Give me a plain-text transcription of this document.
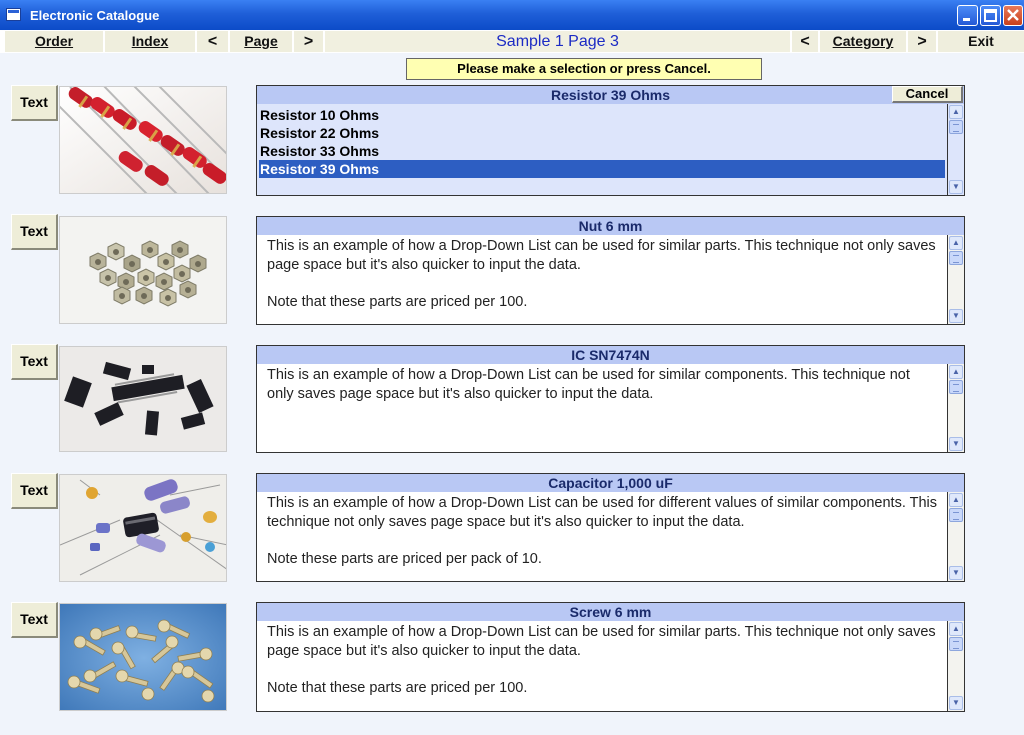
Electronic Catalogue
Order	Index	<	Page	>	Sample 1 Page 3	<	Category	>	Exit
Please make a selection or press Cancel.
Text	Resistor 39 Ohms	Cancel
Resistor 10 Ohms
Resistor 22 Ohms
Resistor 33 Ohms
Resistor 39 Ohms
▲
▼
Text	Nut 6 mm

This is an example of how a Drop-Down List can be used for similar parts. This technique not only saves page space but it's also quicker to input the data.

Note that these parts are priced per 100.

▲
▼
Text	IC SN7474N

This is an example of how a Drop-Down List can be used for similar components. This technique not only saves page space but it's also quicker to input the data.

▲
▼
Text	Capacitor 1,000 uF

This is an example of how a Drop-Down List can be used for different values of similar components. This technique not only saves page space but it's also quicker to input the data.

Note these parts are priced per pack of 10.

▲
▼
Text	Screw 6 mm

This is an example of how a Drop-Down List can be used for similar parts. This technique not only saves page space but it's also quicker to input the data.

Note that these parts are priced per 100.

▲
▼
